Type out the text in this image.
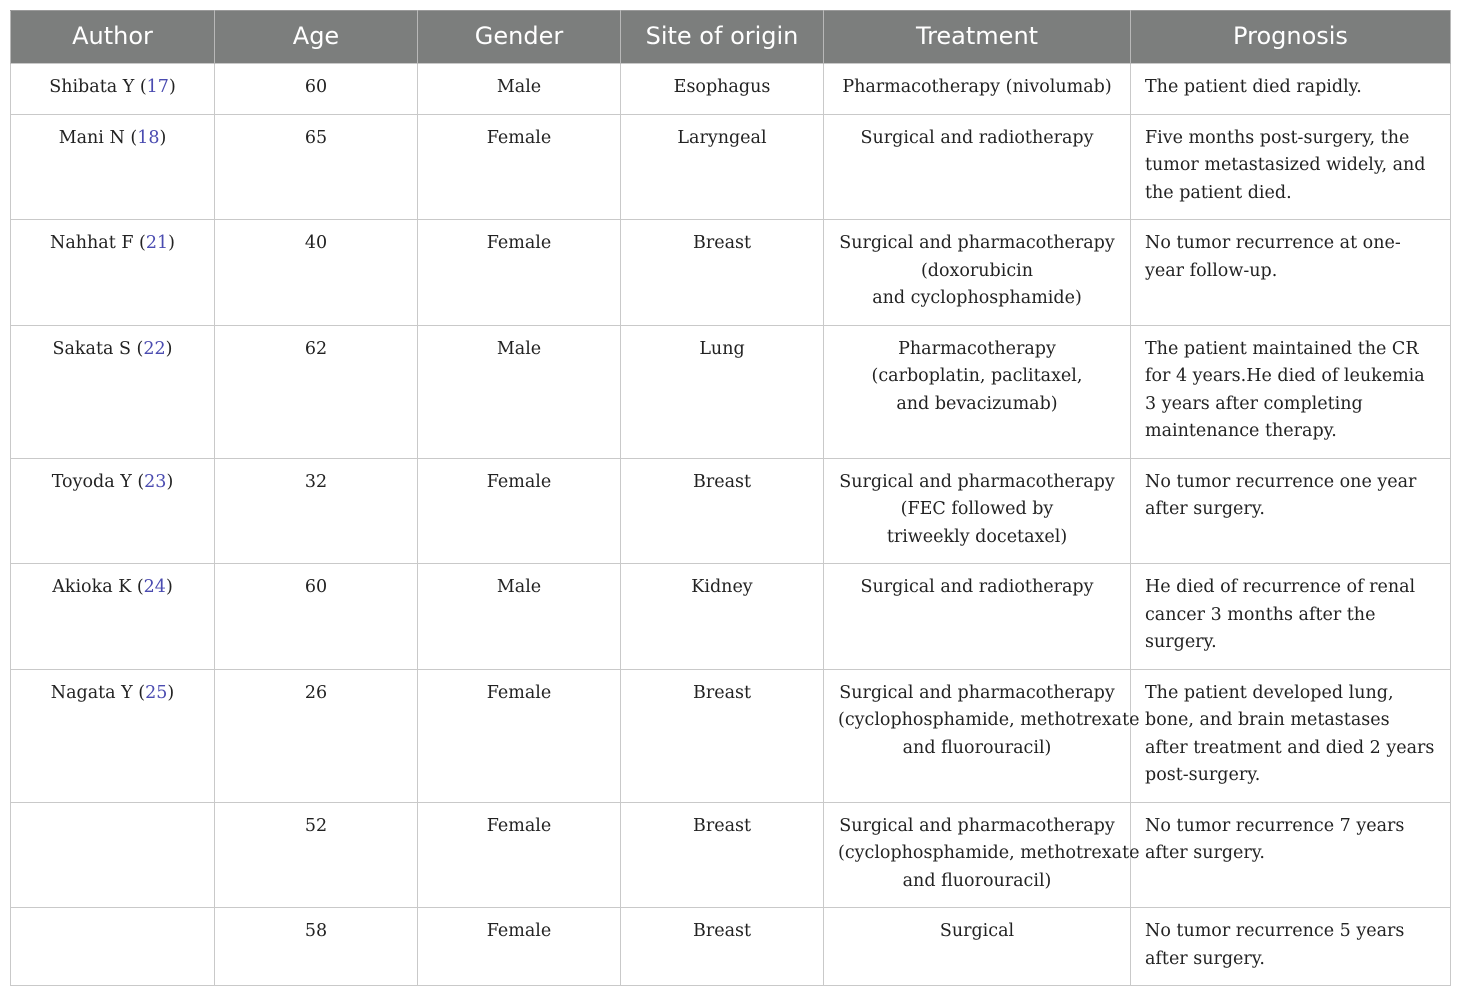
Author	Age	Gender	Site of origin	Treatment	Prognosis
Shibata Y (17)	60	Male	Esophagus	Pharmacotherapy (nivolumab)	The patient died rapidly.
Mani N (18)	65	Female	Laryngeal	Surgical and radiotherapy	Five months post-surgery, the tumor metastasized widely, and the patient died.
Nahhat F (21)	40	Female	Breast	Surgical and pharmacotherapy
(doxorubicin
and cyclophosphamide)	No tumor recurrence at one-year follow-up.
Sakata S (22)	62	Male	Lung	Pharmacotherapy
(carboplatin, paclitaxel,
and bevacizumab)	The patient maintained the CR for 4 years.He died of leukemia 3 years after completing maintenance therapy.
Toyoda Y (23)	32	Female	Breast	Surgical and pharmacotherapy
(FEC followed by
triweekly docetaxel)	No tumor recurrence one year after surgery.
Akioka K (24)	60	Male	Kidney	Surgical and radiotherapy	He died of recurrence of renal cancer 3 months after the surgery.
Nagata Y (25)	26	Female	Breast	Surgical and pharmacotherapy
(cyclophosphamide, methotrexate
and fluorouracil)	The patient developed lung, bone, and brain metastases after treatment and died 2 years post-surgery.
	52	Female	Breast	Surgical and pharmacotherapy
(cyclophosphamide, methotrexate
and fluorouracil)	No tumor recurrence 7 years after surgery.
	58	Female	Breast	Surgical	No tumor recurrence 5 years after surgery.
